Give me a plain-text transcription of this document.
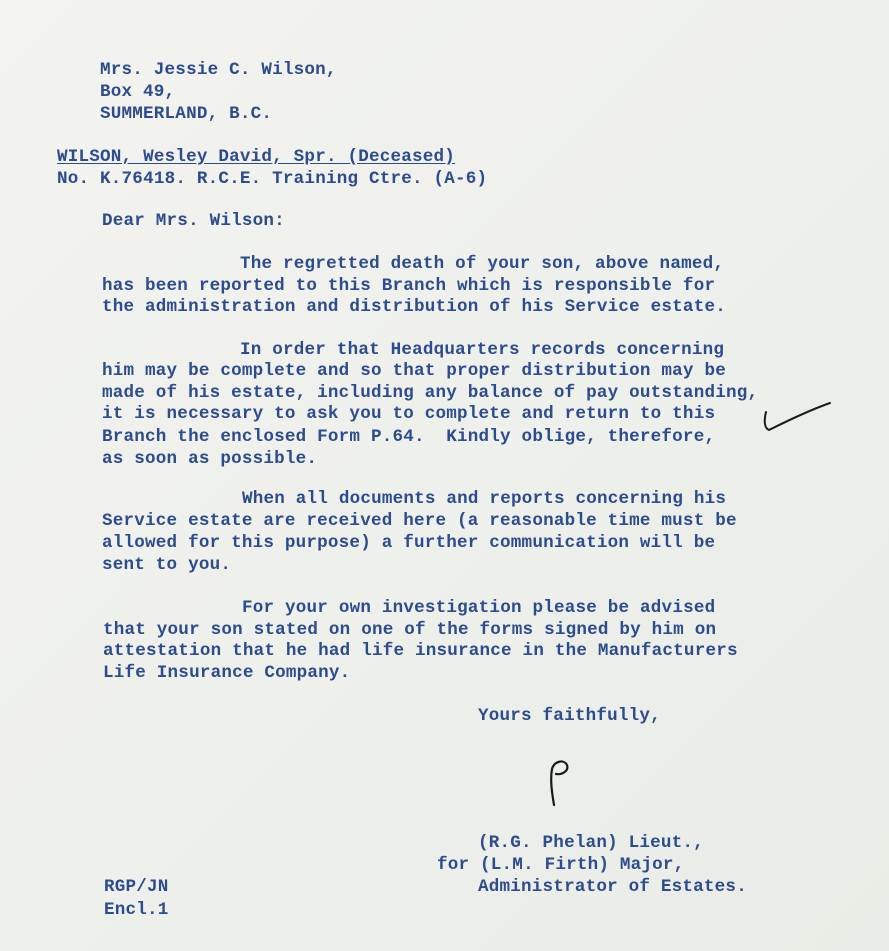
Mrs. Jessie C. Wilson,
Box 49,
SUMMERLAND, B.C.
WILSON, Wesley David, Spr. (Deceased)
No. K.76418. R.C.E. Training Ctre. (A-6)
Dear Mrs. Wilson:
The regretted death of your son, above named,
has been reported to this Branch which is responsible for
the administration and distribution of his Service estate.
In order that Headquarters records concerning
him may be complete and so that proper distribution may be
made of his estate, including any balance of pay outstanding,
it is necessary to ask you to complete and return to this
Branch the enclosed Form P.64.  Kindly oblige, therefore,
as soon as possible.
When all documents and reports concerning his
Service estate are received here (a reasonable time must be
allowed for this purpose) a further communication will be
sent to you.
For your own investigation please be advised
that your son stated on one of the forms signed by him on
attestation that he had life insurance in the Manufacturers
Life Insurance Company.
Yours faithfully,
(R.G. Phelan) Lieut.,
for (L.M. Firth) Major,
Administrator of Estates.
RGP/JN
Encl.1
